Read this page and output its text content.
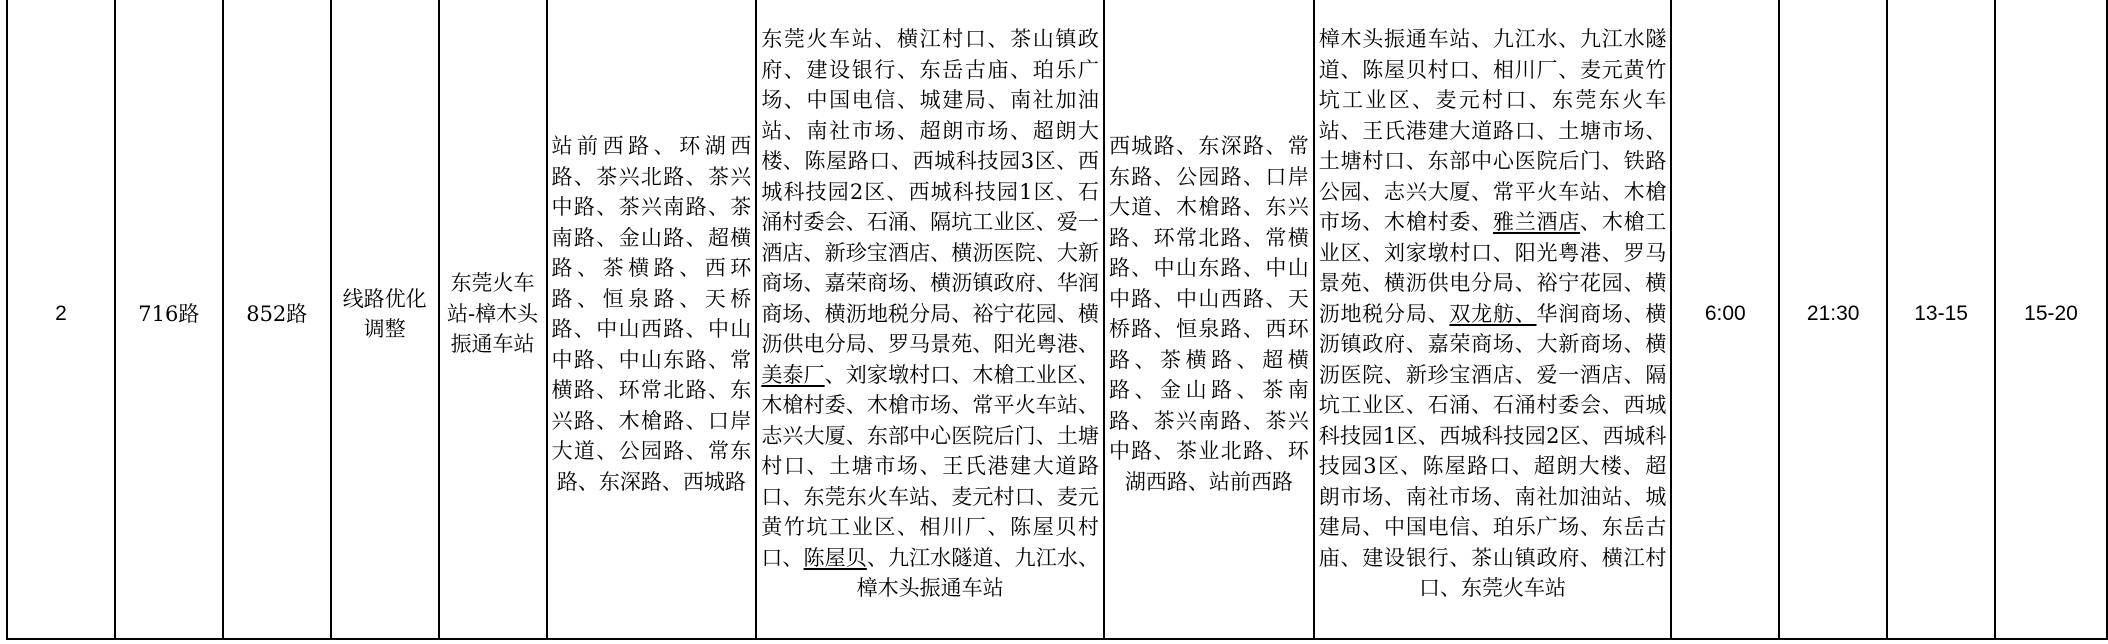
2	716路	852路	线路优化调整	东莞火车站-樟木头振通车站	站前西路、环湖西路、茶兴北路、茶兴中路、茶兴南路、茶南路、金山路、超横路、茶横路、西环路、恒泉路、天桥路、中山西路、中山中路、中山东路、常横路、环常北路、东兴路、木槍路、口岸大道、公园路、常东路、东深路、西城路	东莞火车站、横江村口、茶山镇政府、建设银行、东岳古庙、珀乐广场、中国电信、城建局、南社加油站、南社市场、超朗市场、超朗大楼、陈屋路口、西城科技园3区、西城科技园2区、西城科技园1区、石涌村委会、石涌、隔坑工业区、爱一酒店、新珍宝酒店、横沥医院、大新商场、嘉荣商场、横沥镇政府、华润商场、横沥地税分局、裕宁花园、横沥供电分局、罗马景苑、阳光粤港、美泰厂、刘家墩村口、木槍工业区、木槍村委、木槍市场、常平火车站、志兴大厦、东部中心医院后门、土塘村口、土塘市场、王氏港建大道路口、东莞东火车站、麦元村口、麦元黄竹坑工业区、相川厂、陈屋贝村口、陈屋贝、九江水隧道、九江水、樟木头振通车站	西城路、东深路、常东路、公园路、口岸大道、木槍路、东兴路、环常北路、常横路、中山东路、中山中路、中山西路、天桥路、恒泉路、西环路、茶横路、超横路、金山路、茶南路、茶兴南路、茶兴中路、茶业北路、环湖西路、站前西路	樟木头振通车站、九江水、九江水隧道、陈屋贝村口、相川厂、麦元黄竹坑工业区、麦元村口、东莞东火车站、王氏港建大道路口、土塘市场、土塘村口、东部中心医院后门、铁路公园、志兴大厦、常平火车站、木槍市场、木槍村委、雅兰酒店、木槍工业区、刘家墩村口、阳光粤港、罗马景苑、横沥供电分局、裕宁花园、横沥地税分局、双龙舫、华润商场、横沥镇政府、嘉荣商场、大新商场、横沥医院、新珍宝酒店、爱一酒店、隔坑工业区、石涌、石涌村委会、西城科技园1区、西城科技园2区、西城科技园3区、陈屋路口、超朗大楼、超朗市场、南社市场、南社加油站、城建局、中国电信、珀乐广场、东岳古庙、建设银行、茶山镇政府、横江村口、东莞火车站	6:00	21:30	13-15	15-20
